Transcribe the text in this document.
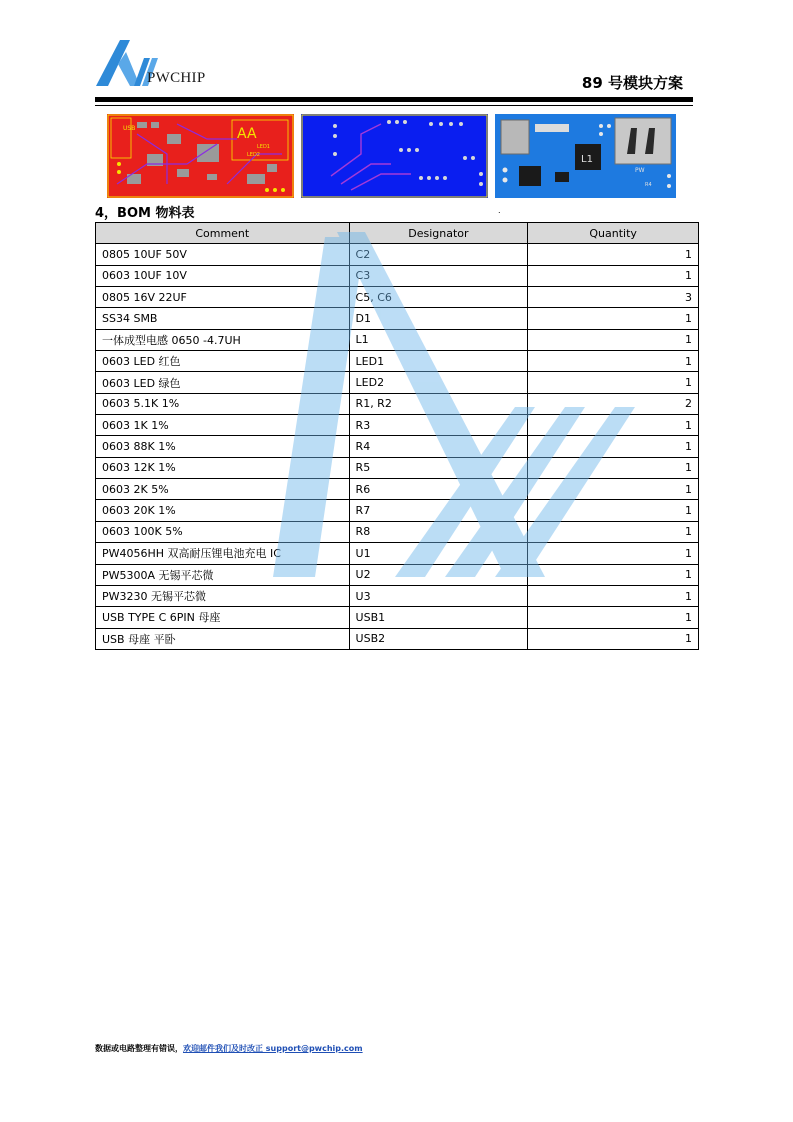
PWCHIP	89 号模块方案
USB	AA
LED1
LED2	L1
PW
R4
4，BOM 物料表	.
Comment	Designator	Quantity
0805 10UF 50V	C2	1
0603 10UF 10V	C3	1
0805 16V 22UF	C5, C6	3
SS34 SMB	D1	1
一体成型电感 0650 -4.7UH	L1	1
0603 LED 红色	LED1	1
0603 LED 绿色	LED2	1
0603 5.1K 1%	R1, R2	2
0603 1K 1%	R3	1
0603 88K 1%	R4	1
0603 12K 1%	R5	1
0603 2K 5%	R6	1
0603 20K 1%	R7	1
0603 100K 5%	R8	1
PW4056HH 双高耐压锂电池充电 IC	U1	1
PW5300A 无锡平芯微	U2	1
PW3230 无锡平芯微	U3	1
USB TYPE C 6PIN 母座	USB1	1
USB 母座 平卧	USB2	1
数据或电路整理有错误，欢迎邮件我们及时改正 support@pwchip.com
